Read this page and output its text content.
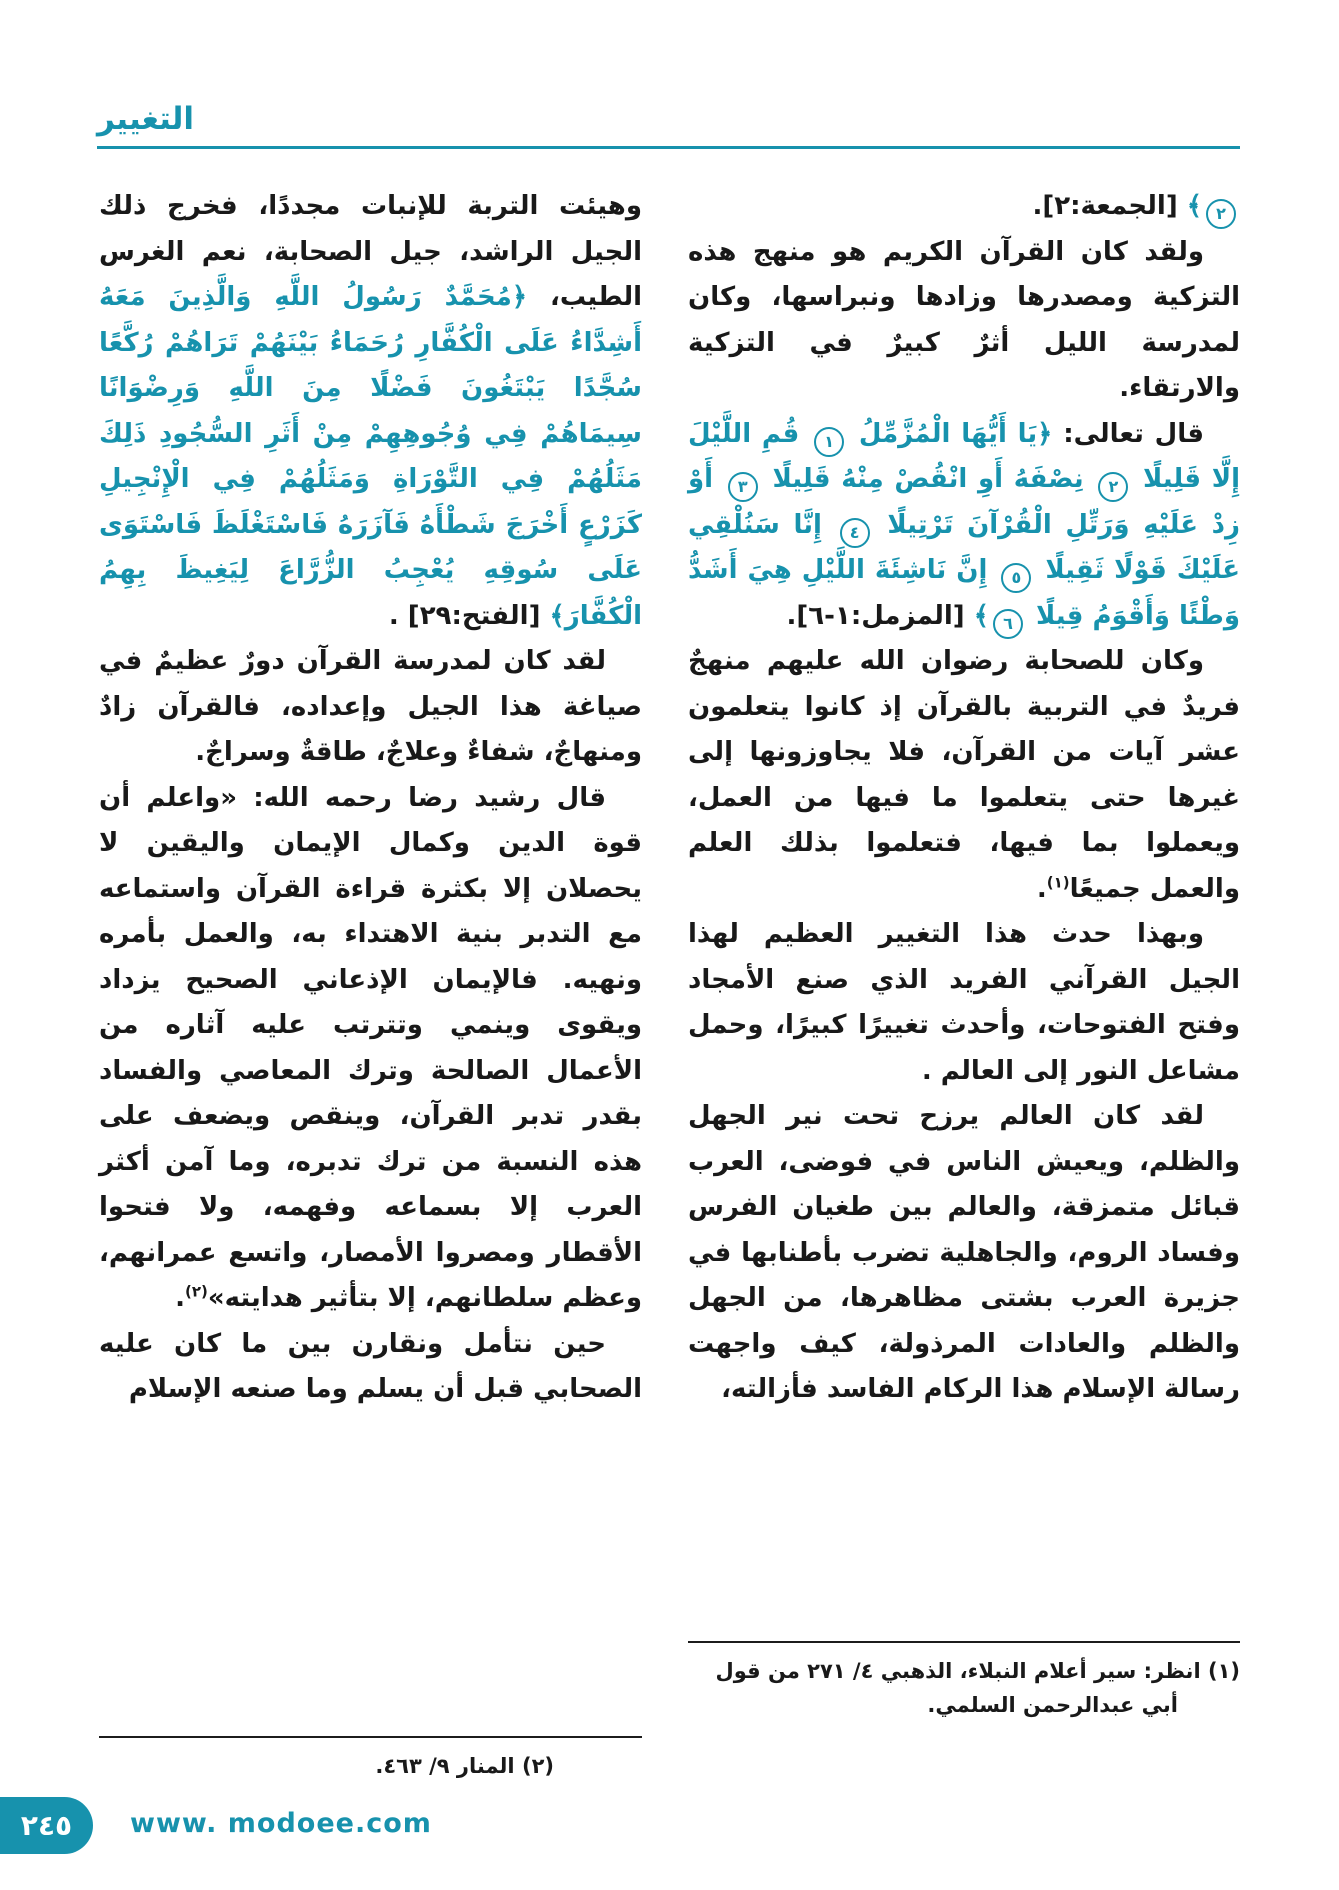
التغيير

٢﴾ [الجمعة:٢].

ولقد كان القرآن الكريم هو منهج هذه التزكية ومصدرها وزادها ونبراسها، وكان لمدرسة الليل أثرٌ كبيرٌ في التزكية والارتقاء.

قال تعالى: ﴿يَا أَيُّهَا الْمُزَّمِّلُ ١ قُمِ اللَّيْلَ إِلَّا قَلِيلًا ٢ نِصْفَهُ أَوِ انْقُصْ مِنْهُ قَلِيلًا ٣ أَوْ زِدْ عَلَيْهِ وَرَتِّلِ الْقُرْآنَ تَرْتِيلًا ٤ إِنَّا سَنُلْقِي عَلَيْكَ قَوْلًا ثَقِيلًا ٥ إِنَّ نَاشِئَةَ اللَّيْلِ هِيَ أَشَدُّ وَطْئًا وَأَقْوَمُ قِيلًا ٦﴾ [المزمل:١-٦].

وكان للصحابة رضوان الله عليهم منهجٌ فريدٌ في التربية بالقرآن إذ كانوا يتعلمون عشر آيات من القرآن، فلا يجاوزونها إلى غيرها حتى يتعلموا ما فيها من العمل، ويعملوا بما فيها، فتعلموا بذلك العلم والعمل جميعًا$^{(١)}$.

وبهذا حدث هذا التغيير العظيم لهذا الجيل القرآني الفريد الذي صنع الأمجاد وفتح الفتوحات، وأحدث تغييرًا كبيرًا، وحمل مشاعل النور إلى العالم .

لقد كان العالم يرزح تحت نير الجهل والظلم، ويعيش الناس في فوضى، العرب قبائل متمزقة، والعالم بين طغيان الفرس وفساد الروم، والجاهلية تضرب بأطنابها في جزيرة العرب بشتى مظاهرها، من الجهل والظلم والعادات المرذولة، كيف واجهت رسالة الإسلام هذا الركام الفاسد فأزالته،

وهيئت التربة للإنبات مجددًا، فخرج ذلك الجيل الراشد، جيل الصحابة، نعم الغرس الطيب، ﴿مُحَمَّدٌ رَسُولُ اللَّهِ وَالَّذِينَ مَعَهُ أَشِدَّاءُ عَلَى الْكُفَّارِ رُحَمَاءُ بَيْنَهُمْ تَرَاهُمْ رُكَّعًا سُجَّدًا يَبْتَغُونَ فَضْلًا مِنَ اللَّهِ وَرِضْوَانًا سِيمَاهُمْ فِي وُجُوهِهِمْ مِنْ أَثَرِ السُّجُودِ ذَلِكَ مَثَلُهُمْ فِي التَّوْرَاةِ وَمَثَلُهُمْ فِي الْإِنْجِيلِ كَزَرْعٍ أَخْرَجَ شَطْأَهُ فَآزَرَهُ فَاسْتَغْلَظَ فَاسْتَوَى عَلَى سُوقِهِ يُعْجِبُ الزُّرَّاعَ لِيَغِيظَ بِهِمُ الْكُفَّارَ﴾ [الفتح:٢٩] .

لقد كان لمدرسة القرآن دورٌ عظيمٌ في صياغة هذا الجيل وإعداده، فالقرآن زادٌ ومنهاجٌ، شفاءٌ وعلاجٌ، طاقةٌ وسراجٌ.

قال رشيد رضا رحمه الله: «واعلم أن قوة الدين وكمال الإيمان واليقين لا يحصلان إلا بكثرة قراءة القرآن واستماعه مع التدبر بنية الاهتداء به، والعمل بأمره ونهيه. فالإيمان الإذعاني الصحيح يزداد ويقوى وينمي وتترتب عليه آثاره من الأعمال الصالحة وترك المعاصي والفساد بقدر تدبر القرآن، وينقص ويضعف على هذه النسبة من ترك تدبره، وما آمن أكثر العرب إلا بسماعه وفهمه، ولا فتحوا الأقطار ومصروا الأمصار، واتسع عمرانهم، وعظم سلطانهم، إلا بتأثير هدايته»$^{(٢)}$.

حين نتأمل ونقارن بين ما كان عليه الصحابي قبل أن يسلم وما صنعه الإسلام

(١) انظر: سير أعلام النبلاء، الذهبي ٤/ ٢٧١ من قول أبي عبدالرحمن السلمي.

(٢) المنار ٩/ ٤٦٣.

٢٤٥ www. modoee.com
